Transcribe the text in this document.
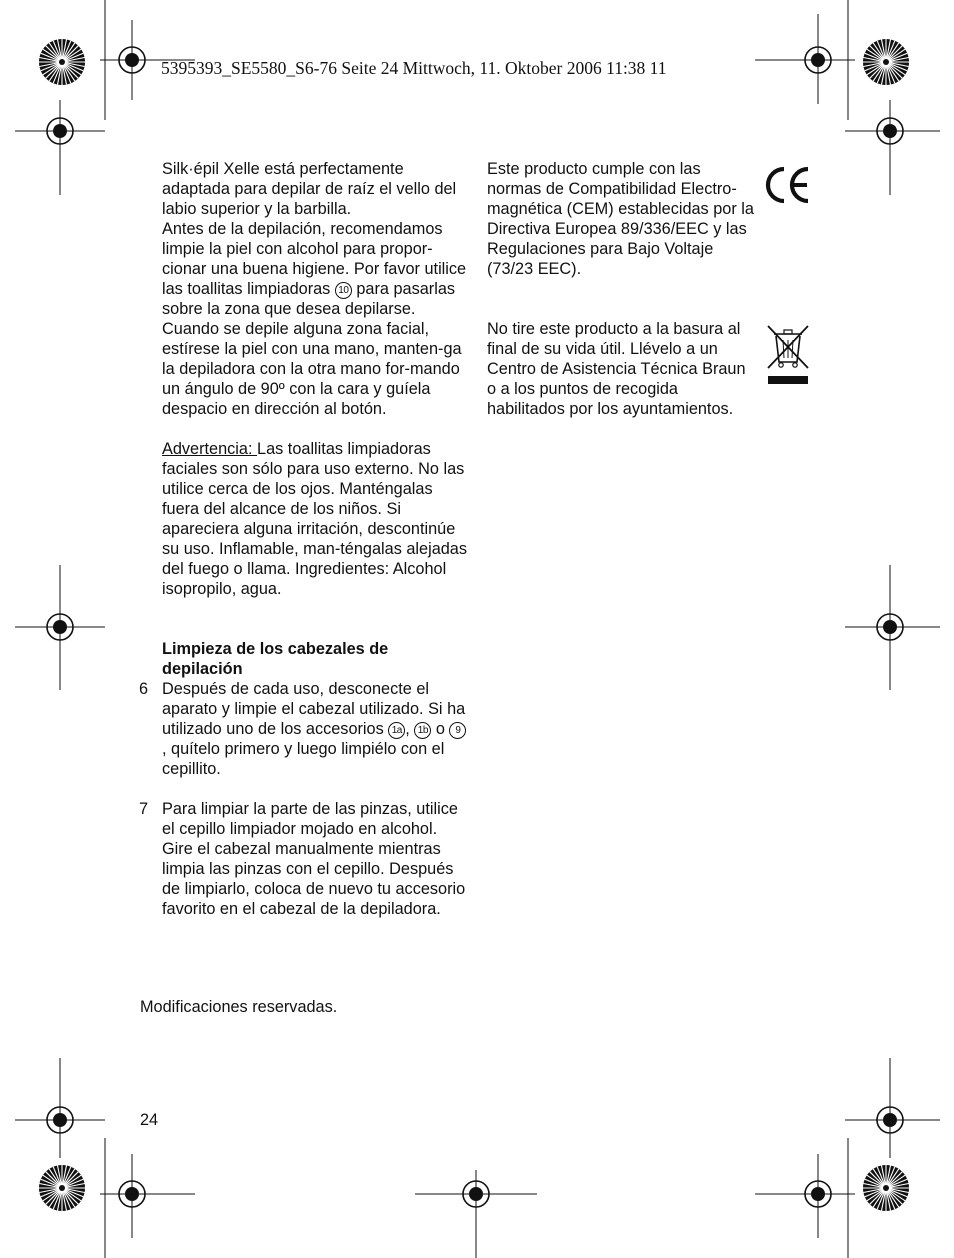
5395393_SE5580_S6-76 Seite 24 Mittwoch, 11. Oktober 2006 11:38 11

Silk·épil Xelle está perfectamente adaptada para depilar de raíz el vello del labio superior y la barbilla.

Antes de la depilación, recomendamos limpie la piel con alcohol para propor-cionar una buena higiene. Por favor utilice las toallitas limpiadoras 10 para pasarlas sobre la zona que desea depilarse.

Cuando se depile alguna zona facial, estírese la piel con una mano, manten-ga la depiladora con la otra mano for-mando un ángulo de 90º con la cara y guíela despacio en dirección al botón.

Advertencia: Las toallitas limpiadoras faciales son sólo para uso externo. No las utilice cerca de los ojos. Manténgalas fuera del alcance de los niños. Si apareciera alguna irritación, descontinúe su uso. Inflamable, man-téngalas alejadas del fuego o llama. Ingredientes: Alcohol isopropilo, agua.

Limpieza de los cabezales de depilación

6 Después de cada uso, desconecte el aparato y limpie el cabezal utilizado. Si ha utilizado uno de los accesorios 1a , 1b o 9, quítelo primero y luego limpiélo con el cepillito.

7 Para limpiar la parte de las pinzas, utilice el cepillo limpiador mojado en alcohol. Gire el cabezal manualmente mientras limpia las pinzas con el cepillo. Después de limpiarlo, coloca de nuevo tu accesorio favorito en el cabezal de la depiladora.

Este producto cumple con las normas de Compatibilidad Electro-magnética (CEM) establecidas por la Directiva Europea 89/336/EEC y las Regulaciones para Bajo Voltaje (73/23 EEC).

No tire este producto a la basura al final de su vida útil. Llévelo a un Centro de Asistencia Técnica Braun o a los puntos de recogida habilitados por los ayuntamientos.

Modificaciones reservadas.
24
